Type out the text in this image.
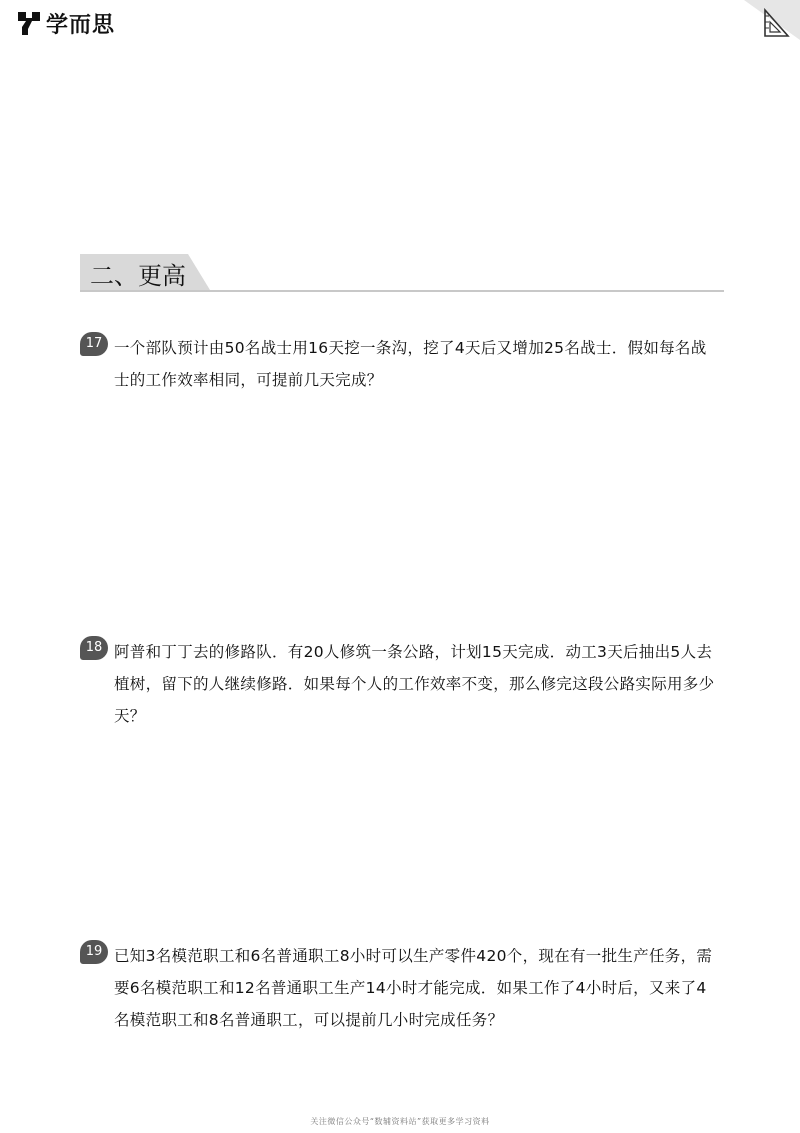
学而思
二、更高
17 一个部队预计由50名战士用16天挖一条沟，挖了4天后又增加25名战士．假如每名战士的工作效率相同，可提前几天完成？
18 阿普和丁丁去的修路队．有20人修筑一条公路，计划15天完成．动工3天后抽出5人去植树，留下的人继续修路．如果每个人的工作效率不变，那么修完这段公路实际用多少天？
19 已知3名模范职工和6名普通职工8小时可以生产零件420个，现在有一批生产任务，需要6名模范职工和12名普通职工生产14小时才能完成．如果工作了4小时后，又来了4名模范职工和8名普通职工，可以提前几小时完成任务？
关注微信公众号“数辅资料站”获取更多学习资料
